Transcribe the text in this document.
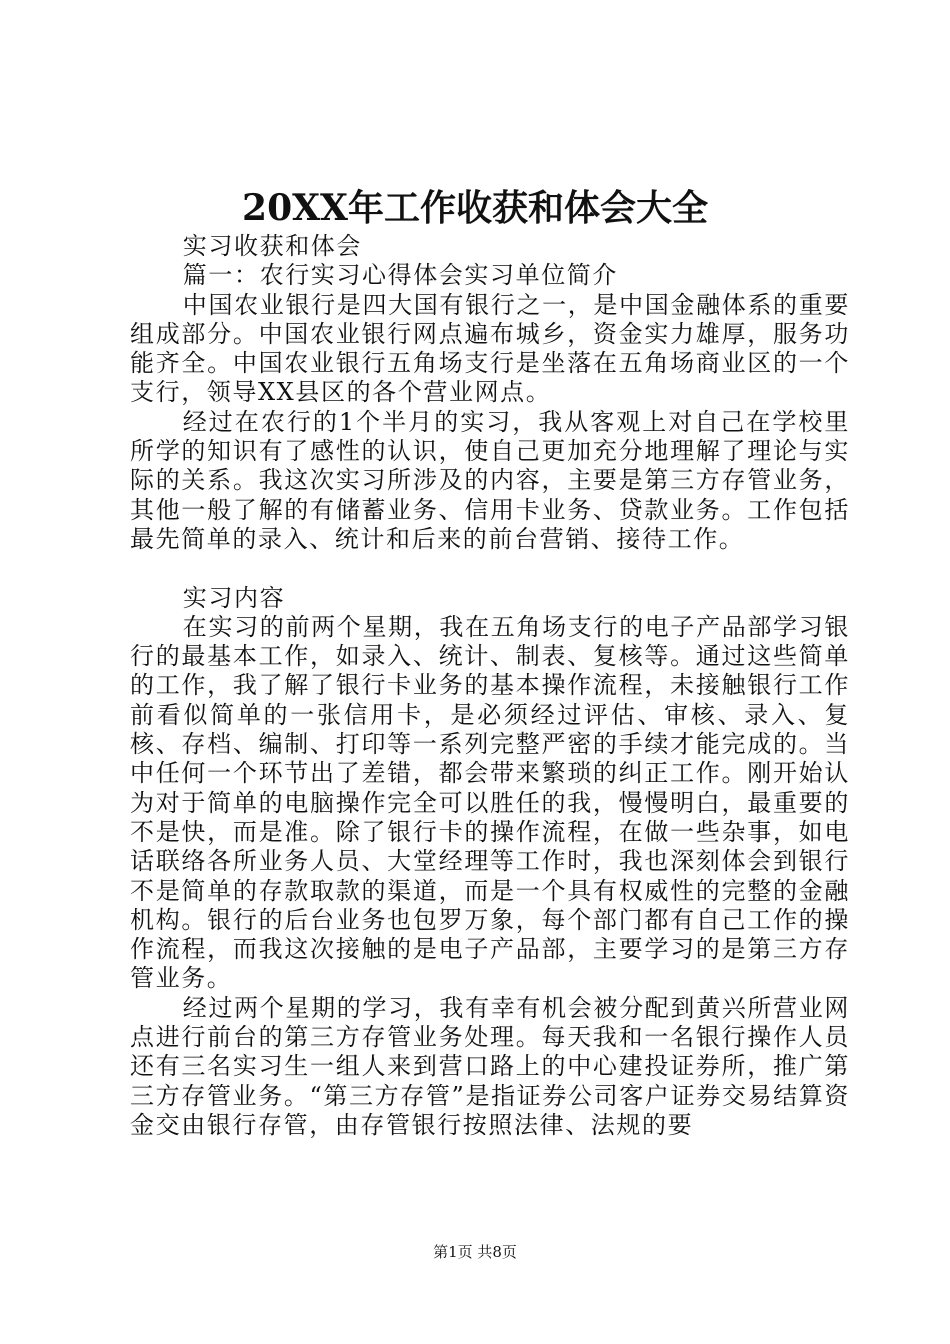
20XX年工作收获和体会大全

实习收获和体会

篇一：农行实习心得体会实习单位简介

中国农业银行是四大国有银行之一，是中国金融体系的重要组成部分。中国农业银行网点遍布城乡，资金实力雄厚，服务功能齐全。中国农业银行五角场支行是坐落在五角场商业区的一个支行，领导XX县区的各个营业网点。

经过在农行的1个半月的实习，我从客观上对自己在学校里所学的知识有了感性的认识，使自己更加充分地理解了理论与实际的关系。我这次实习所涉及的内容，主要是第三方存管业务，其他一般了解的有储蓄业务、信用卡业务、贷款业务。工作包括最先简单的录入、统计和后来的前台营销、接待工作。

实习内容

在实习的前两个星期，我在五角场支行的电子产品部学习银行的最基本工作，如录入、统计、制表、复核等。通过这些简单的工作，我了解了银行卡业务的基本操作流程，未接触银行工作前看似简单的一张信用卡，是必须经过评估、审核、录入、复核、存档、编制、打印等一系列完整严密的手续才能完成的。当中任何一个环节出了差错，都会带来繁琐的纠正工作。刚开始认为对于简单的电脑操作完全可以胜任的我，慢慢明白，最重要的不是快，而是准。除了银行卡的操作流程，在做一些杂事，如电话联络各所业务人员、大堂经理等工作时，我也深刻体会到银行不是简单的存款取款的渠道，而是一个具有权威性的完整的金融机构。银行的后台业务也包罗万象，每个部门都有自己工作的操作流程，而我这次接触的是电子产品部，主要学习的是第三方存管业务。

经过两个星期的学习，我有幸有机会被分配到黄兴所营业网点进行前台的第三方存管业务处理。每天我和一名银行操作人员还有三名实习生一组人来到营口路上的中心建投证券所，推广第三方存管业务。“第三方存管”是指证券公司客户证券交易结算资金交由银行存管，由存管银行按照法律、法规的要

第1页 共8页
